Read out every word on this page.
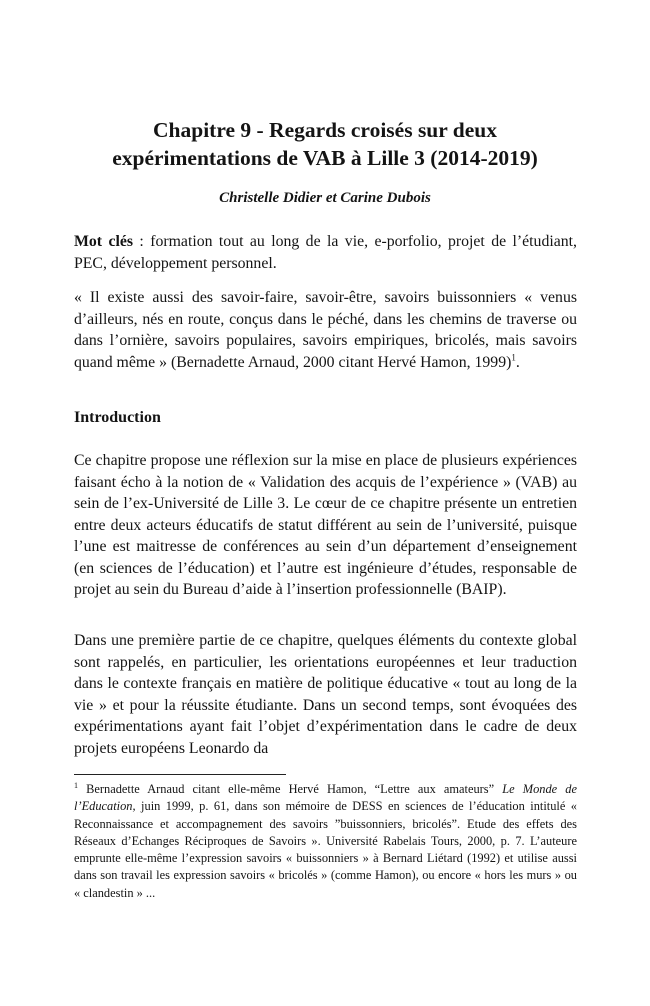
Chapitre 9 - Regards croisés sur deux
expérimentations de VAB à Lille 3 (2014-2019)
Christelle Didier et Carine Dubois
Mot clés : formation tout au long de la vie, e-porfolio, projet de l’étudiant, PEC, développement personnel.
« Il existe aussi des savoir-faire, savoir-être, savoirs buissonniers « venus d’ailleurs, nés en route, conçus dans le péché, dans les chemins de traverse ou dans l’ornière, savoirs populaires, savoirs empiriques, bricolés, mais savoirs quand même » (Bernadette Arnaud, 2000 citant Hervé Hamon, 1999)$^1$.
Introduction
Ce chapitre propose une réflexion sur la mise en place de plusieurs expériences faisant écho à la notion de « Validation des acquis de l’expérience » (VAB) au sein de l’ex-Université de Lille 3. Le cœur de ce chapitre présente un entretien entre deux acteurs éducatifs de statut différent au sein de l’université, puisque l’une est maitresse de conférences au sein d’un département d’enseignement (en sciences de l’éducation) et l’autre est ingénieure d’études, responsable de projet au sein du Bureau d’aide à l’insertion professionnelle (BAIP).
Dans une première partie de ce chapitre, quelques éléments du contexte global sont rappelés, en particulier, les orientations européennes et leur traduction dans le contexte français en matière de politique éducative « tout au long de la vie » et pour la réussite étudiante. Dans un second temps, sont évoquées des expérimentations ayant fait l’objet d’expérimentation dans le cadre de deux projets européens Leonardo da
$^1$ Bernadette Arnaud citant elle-même Hervé Hamon, “Lettre aux amateurs” Le Monde de l’Education, juin 1999, p. 61, dans son mémoire de DESS en sciences de l’éducation intitulé « Reconnaissance et accompagnement des savoirs ”buissonniers, bricolés”. Etude des effets des Réseaux d’Echanges Réciproques de Savoirs ». Université Rabelais Tours, 2000, p. 7. L’auteure emprunte elle-même l’expression savoirs « buissonniers » à Bernard Liétard (1992) et utilise aussi dans son travail les expression savoirs « bricolés » (comme Hamon), ou encore « hors les murs » ou « clandestin » ...
